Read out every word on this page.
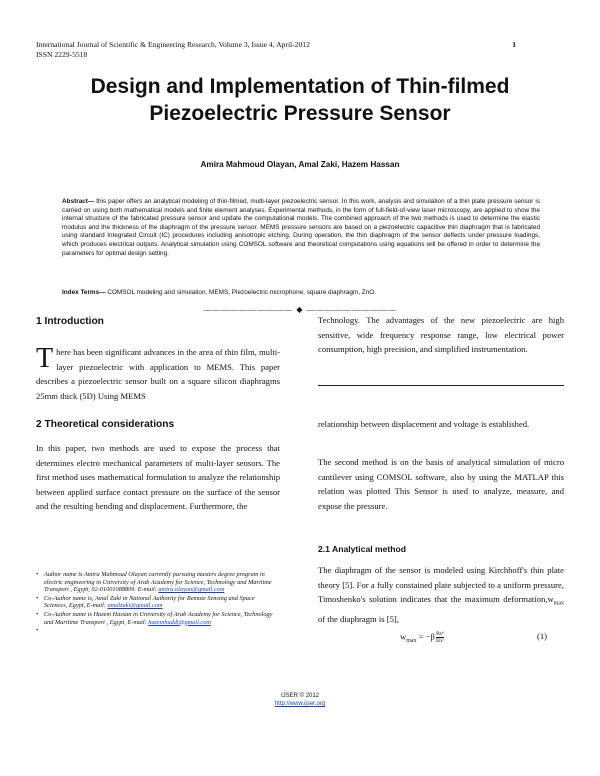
International Journal of Scientific & Engineering Research, Volume 3, Issue 4, April-2012
ISSN 2229-5518
1
Design and Implementation of Thin-filmed
Piezoelectric Pressure Sensor
Amira Mahmoud Olayan, Amal Zaki, Hazem Hassan
Abstract— this paper offers an analytical modeling of thin-filmed, multi-layer piezoelectric sensor. In this work, analysis and simulation of a thin plate pressure sensor is carried on using both mathematical models and finite element analyses. Experimental methods, in the form of full-field-of-view laser microscopy, are applied to show the internal structure of the fabricated pressure sensor and update the computational models. The combined approach of the two methods is used to determine the elastic modulus and the thickness of the diaphragm of the pressure sensor. MEMS pressure sensors are based on a piezoelectric capacitive thin diaphragm that is fabricated using standard Integrated Circuit (IC) procedures including anisotropic etching. During operation, the thin diaphragm of the sensor deflects under pressure loadings, which produces electrical outputs. Analytical simulation using COMSOL software and theoretical computations using equations will be offered in order to determine the parameters for optimal design setting.
Index Terms— COMSOL modeling and simulation, MEMS, Piezoelectric microphone, square diaphragm, ZnO.
—————————— ◆ ——————————
1 Introduction
There has been significant advances in the area of thin film, multi-layer piezoelectric with application to MEMS. This paper describes a piezoelectric sensor built on a square silicon diaphragms 25mm thick (5D) Using MEMS
2 Theoretical considerations
In this paper, two methods are used to expose the process that determines electro mechanical parameters of multi-layer sensors. The first method uses mathematical formulation to analyze the relationship between applied surface contact pressure on the surface of the sensor and the resulting bending and displacement. Furthermore, the
• Author name is Amira Mahmoud Olayan currently pursuing masters degree program in electric engineering in University of Arab Academy for Science, Technology and Maritime Transport , Egypt, 02-01001088809. E-mail: amira.olayan@gmail.com
• Co-Author name is, Amal Zaki in National Authority for Remote Sensing and Space Sciences, Egypt, E-mail: amalzaki@gmail.com
• Co-Author name is Hazem Hassan in University of Arab Academy for Science, Technology and Maritime Transport , Egypt, E-mail: hazemhaddi@gmail.com
•
Technology. The advantages of the new piezoelectric are high sensitive, wide frequency response range, low electrical power consumption, high precision, and simplified instrumentation.
relationship between displacement and voltage is established.
The second method is on the basis of analytical simulation of micro cantilever using COMSOL software, also by using the MATLAP this relation was plotted This Sensor is used to analyze, measure, and expose the pressure.
2.1 Analytical method
The diaphragm of the sensor is modeled using Kirchhoff's thin plate theory [5]. For a fully constained plate subjected to a uniform pressure, Timoshenko's solution indicates that the maximum $deformation,w_{max}$ of the diaphragm is [5],
$w_{max} = -\beta \frac{\text{Pa⁴}}{\text{Eh³}}$	(1)
IJSER © 2012
http://www.ijser.org
